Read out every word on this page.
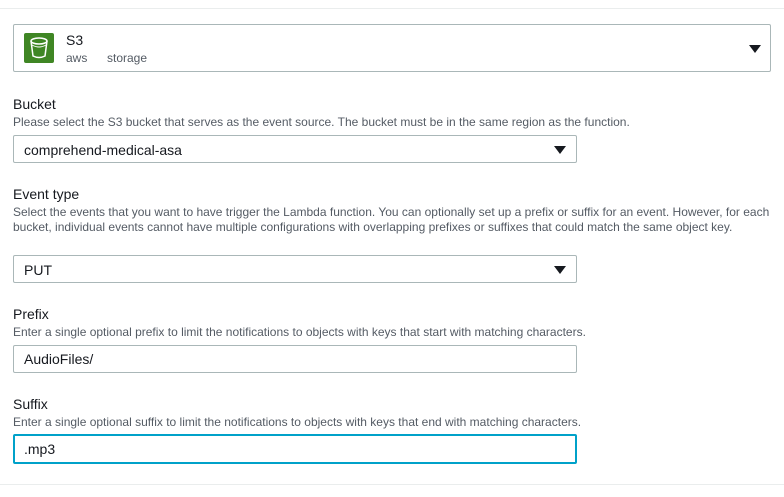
S3
aws storage
Bucket
Please select the S3 bucket that serves as the event source. The bucket must be in the same region as the function.
comprehend-medical-asa
Event type
Select the events that you want to have trigger the Lambda function. You can optionally set up a prefix or suffix for an event. However, for each bucket, individual events cannot have multiple configurations with overlapping prefixes or suffixes that could match the same object key.
PUT
Prefix
Enter a single optional prefix to limit the notifications to objects with keys that start with matching characters.
AudioFiles/
Suffix
Enter a single optional suffix to limit the notifications to objects with keys that end with matching characters.
.mp3
